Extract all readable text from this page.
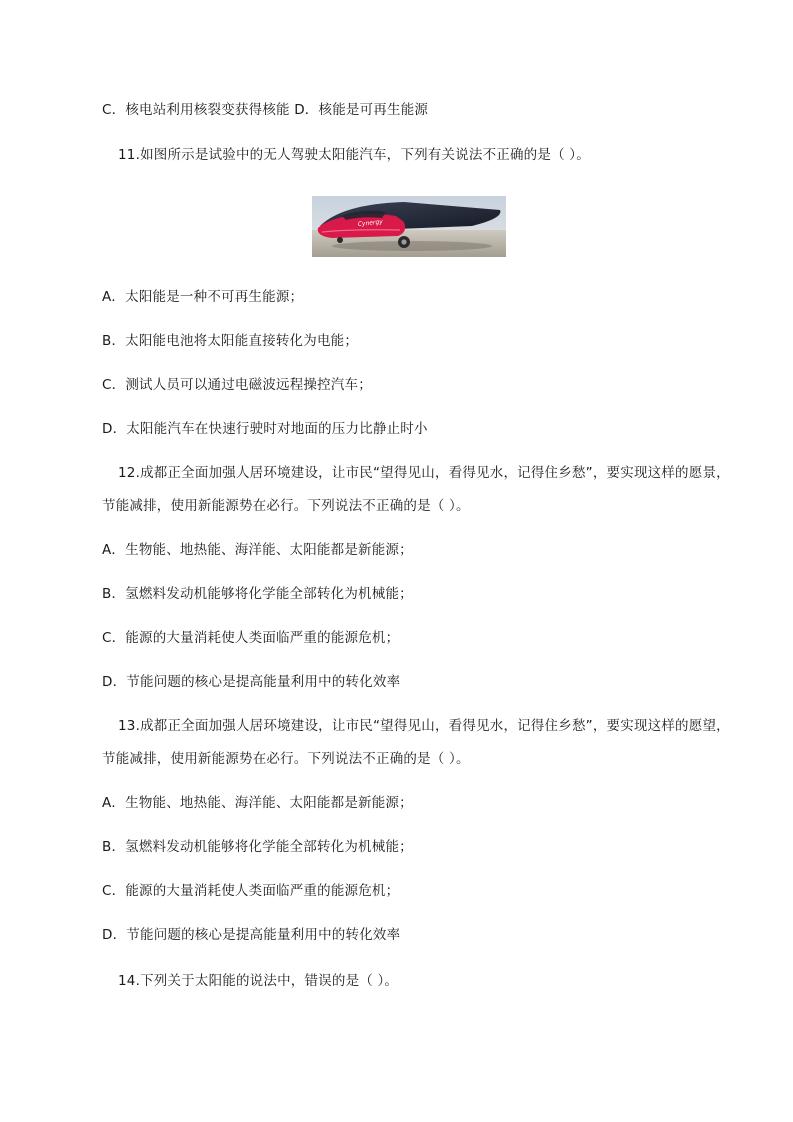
C．核电站利用核裂变获得核能 D．核能是可再生能源
11.如图所示是试验中的无人驾驶太阳能汽车，下列有关说法不正确的是（ ）。
Cynergy
A．太阳能是一种不可再生能源；
B．太阳能电池将太阳能直接转化为电能；
C．测试人员可以通过电磁波远程操控汽车；
D．太阳能汽车在快速行驶时对地面的压力比静止时小
12.成都正全面加强人居环境建设，让市民“望得见山，看得见水，记得住乡愁”，要实现这样的愿景，
节能减排，使用新能源势在必行。下列说法不正确的是（ ）。
A．生物能、地热能、海洋能、太阳能都是新能源；
B．氢燃料发动机能够将化学能全部转化为机械能；
C．能源的大量消耗使人类面临严重的能源危机；
D．节能问题的核心是提高能量利用中的转化效率
13.成都正全面加强人居环境建设，让市民“望得见山，看得见水，记得住乡愁”，要实现这样的愿望，
节能减排，使用新能源势在必行。下列说法不正确的是（ ）。
A．生物能、地热能、海洋能、太阳能都是新能源；
B．氢燃料发动机能够将化学能全部转化为机械能；
C．能源的大量消耗使人类面临严重的能源危机；
D．节能问题的核心是提高能量利用中的转化效率
14.下列关于太阳能的说法中，错误的是（ ）。
